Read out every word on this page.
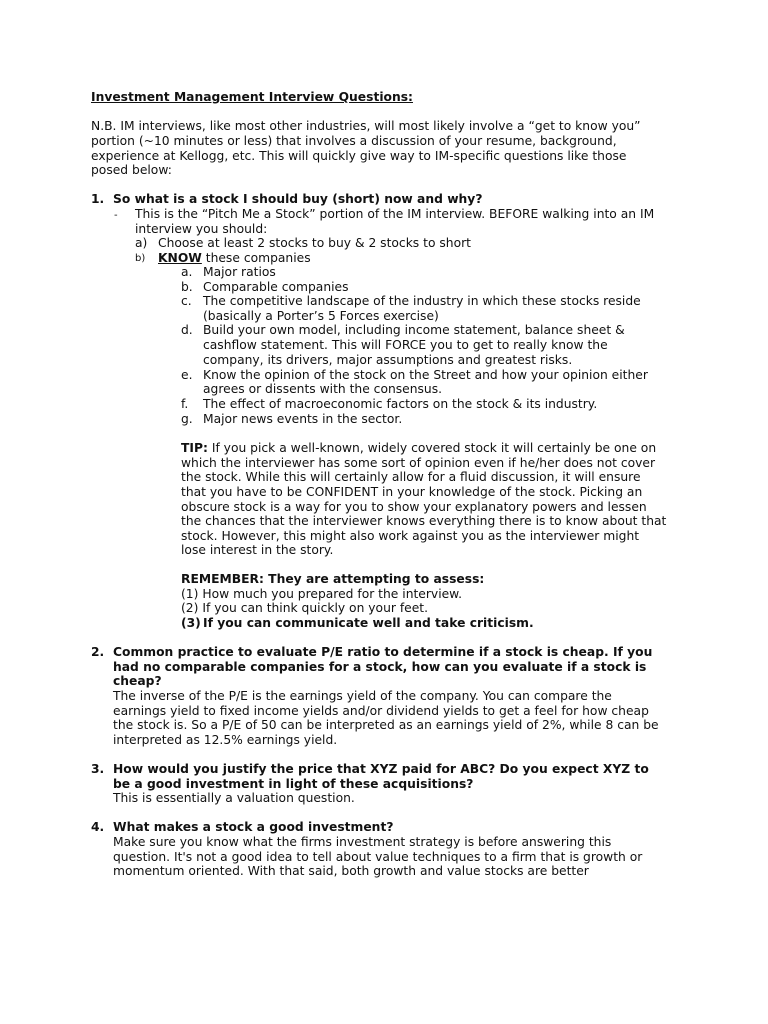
Investment Management Interview Questions:
N.B. IM interviews, like most other industries, will most likely involve a “get to know you”
portion (~10 minutes or less) that involves a discussion of your resume, background,
experience at Kellogg, etc. This will quickly give way to IM-specific questions like those
posed below:
1. So what is a stock I should buy (short) now and why?
- This is the “Pitch Me a Stock” portion of the IM interview. BEFORE walking into an IM
interview you should:
a) Choose at least 2 stocks to buy & 2 stocks to short
b) KNOW these companies
a. Major ratios
b. Comparable companies
c. The competitive landscape of the industry in which these stocks reside
(basically a Porter’s 5 Forces exercise)
d. Build your own model, including income statement, balance sheet &
cashflow statement. This will FORCE you to get to really know the
company, its drivers, major assumptions and greatest risks.
e. Know the opinion of the stock on the Street and how your opinion either
agrees or dissents with the consensus.
f. The effect of macroeconomic factors on the stock & its industry.
g. Major news events in the sector.
TIP: If you pick a well-known, widely covered stock it will certainly be one on
which the interviewer has some sort of opinion even if he/her does not cover
the stock. While this will certainly allow for a fluid discussion, it will ensure
that you have to be CONFIDENT in your knowledge of the stock. Picking an
obscure stock is a way for you to show your explanatory powers and lessen
the chances that the interviewer knows everything there is to know about that
stock. However, this might also work against you as the interviewer might
lose interest in the story.
REMEMBER: They are attempting to assess:
(1) How much you prepared for the interview.
(2) If you can think quickly on your feet.
(3) If you can communicate well and take criticism.
2. Common practice to evaluate P/E ratio to determine if a stock is cheap. If you
had no comparable companies for a stock, how can you evaluate if a stock is
cheap?
The inverse of the P/E is the earnings yield of the company. You can compare the
earnings yield to fixed income yields and/or dividend yields to get a feel for how cheap
the stock is. So a P/E of 50 can be interpreted as an earnings yield of 2%, while 8 can be
interpreted as 12.5% earnings yield.
3. How would you justify the price that XYZ paid for ABC? Do you expect XYZ to
be a good investment in light of these acquisitions?
This is essentially a valuation question.
4. What makes a stock a good investment?
Make sure you know what the firms investment strategy is before answering this
question. It's not a good idea to tell about value techniques to a firm that is growth or
momentum oriented. With that said, both growth and value stocks are better
